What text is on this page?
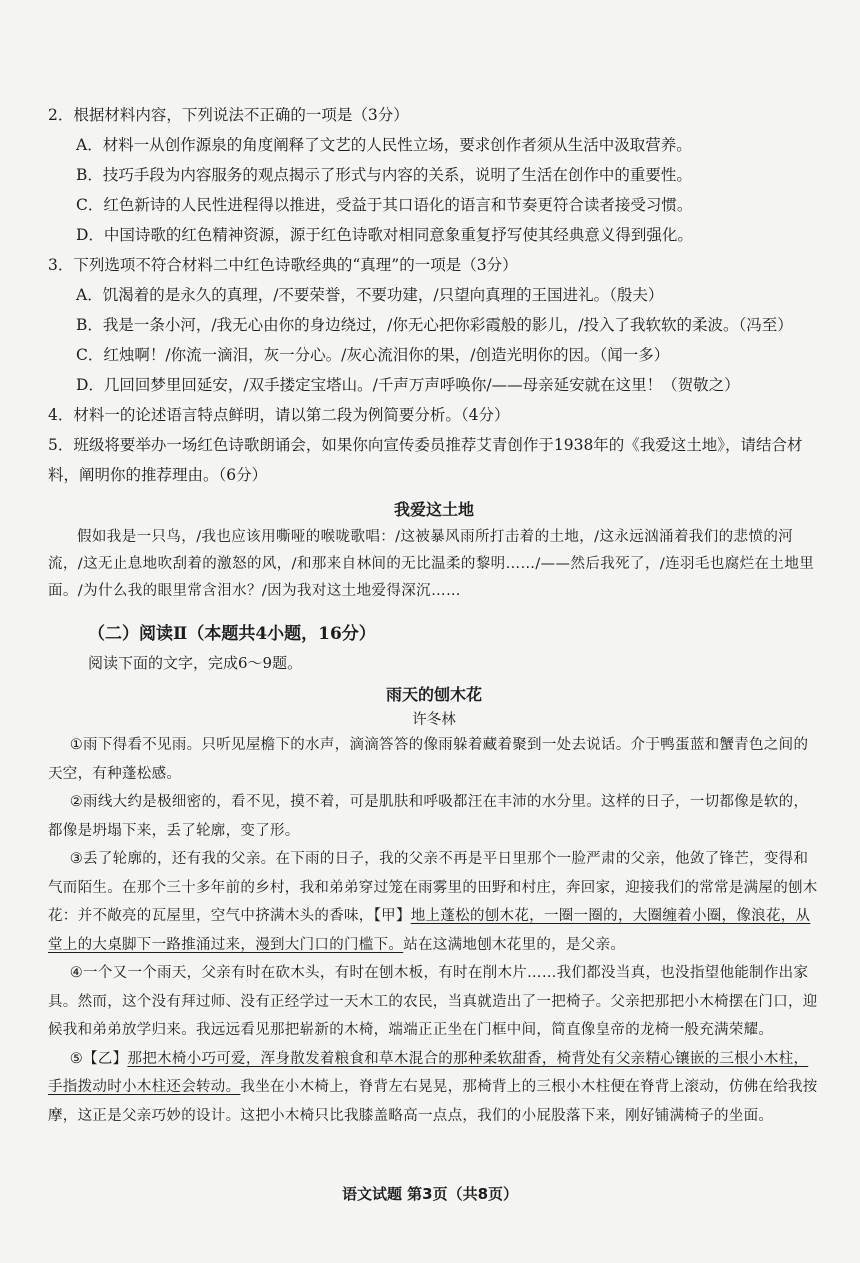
2．根据材料内容，下列说法不正确的一项是（3分）
A．材料一从创作源泉的角度阐释了文艺的人民性立场，要求创作者须从生活中汲取营养。
B．技巧手段为内容服务的观点揭示了形式与内容的关系，说明了生活在创作中的重要性。
C．红色新诗的人民性进程得以推进，受益于其口语化的语言和节奏更符合读者接受习惯。
D．中国诗歌的红色精神资源，源于红色诗歌对相同意象重复抒写使其经典意义得到强化。
3．下列选项不符合材料二中红色诗歌经典的“真理”的一项是（3分）
A．饥渴着的是永久的真理，/不要荣誉，不要功建，/只望向真理的王国进礼。（殷夫）
B．我是一条小河，/我无心由你的身边绕过，/你无心把你彩霞般的影儿，/投入了我软软的柔波。（冯至）
C．红烛啊！/你流一滴泪，灰一分心。/灰心流泪你的果，/创造光明你的因。（闻一多）
D．几回回梦里回延安，/双手搂定宝塔山。/千声万声呼唤你/——母亲延安就在这里！（贺敬之）
4．材料一的论述语言特点鲜明，请以第二段为例简要分析。（4分）
5．班级将要举办一场红色诗歌朗诵会，如果你向宣传委员推荐艾青创作于1938年的《我爱这土地》，请结合材料，阐明你的推荐理由。（6分）
我爱这土地
假如我是一只鸟，/我也应该用嘶哑的喉咙歌唱：/这被暴风雨所打击着的土地，/这永远汹涌着我们的悲愤的河流，/这无止息地吹刮着的激怒的风，/和那来自林间的无比温柔的黎明……/——然后我死了，/连羽毛也腐烂在土地里面。/为什么我的眼里常含泪水？/因为我对这土地爱得深沉……
（二）阅读Ⅱ（本题共4小题，16分）
阅读下面的文字，完成6～9题。
雨天的刨木花
许冬林
①雨下得看不见雨。只听见屋檐下的水声，滴滴答答的像雨躲着藏着聚到一处去说话。介于鸭蛋蓝和蟹青色之间的天空，有种蓬松感。
②雨线大约是极细密的，看不见，摸不着，可是肌肤和呼吸都汪在丰沛的水分里。这样的日子，一切都像是软的，都像是坍塌下来，丢了轮廓，变了形。
③丢了轮廓的，还有我的父亲。在下雨的日子，我的父亲不再是平日里那个一脸严肃的父亲，他敛了锋芒，变得和气而陌生。在那个三十多年前的乡村，我和弟弟穿过笼在雨雾里的田野和村庄，奔回家，迎接我们的常常是满屋的刨木花：并不敞亮的瓦屋里，空气中挤满木头的香味，【甲】地上蓬松的刨木花，一圈一圈的，大圈缠着小圈，像浪花，从堂上的大桌脚下一路推涌过来，漫到大门口的门槛下。站在这满地刨木花里的，是父亲。
④一个又一个雨天，父亲有时在砍木头，有时在刨木板，有时在削木片……我们都没当真，也没指望他能制作出家具。然而，这个没有拜过师、没有正经学过一天木工的农民，当真就造出了一把椅子。父亲把那把小木椅摆在门口，迎候我和弟弟放学归来。我远远看见那把崭新的木椅，端端正正坐在门框中间，简直像皇帝的龙椅一般充满荣耀。
⑤【乙】那把木椅小巧可爱，浑身散发着粮食和草木混合的那种柔软甜香，椅背处有父亲精心镶嵌的三根小木柱，手指拨动时小木柱还会转动。我坐在小木椅上，脊背左右晃晃，那椅背上的三根小木柱便在脊背上滚动，仿佛在给我按摩，这正是父亲巧妙的设计。这把小木椅只比我膝盖略高一点点，我们的小屁股落下来，刚好铺满椅子的坐面。
语文试题 第3页（共8页）
